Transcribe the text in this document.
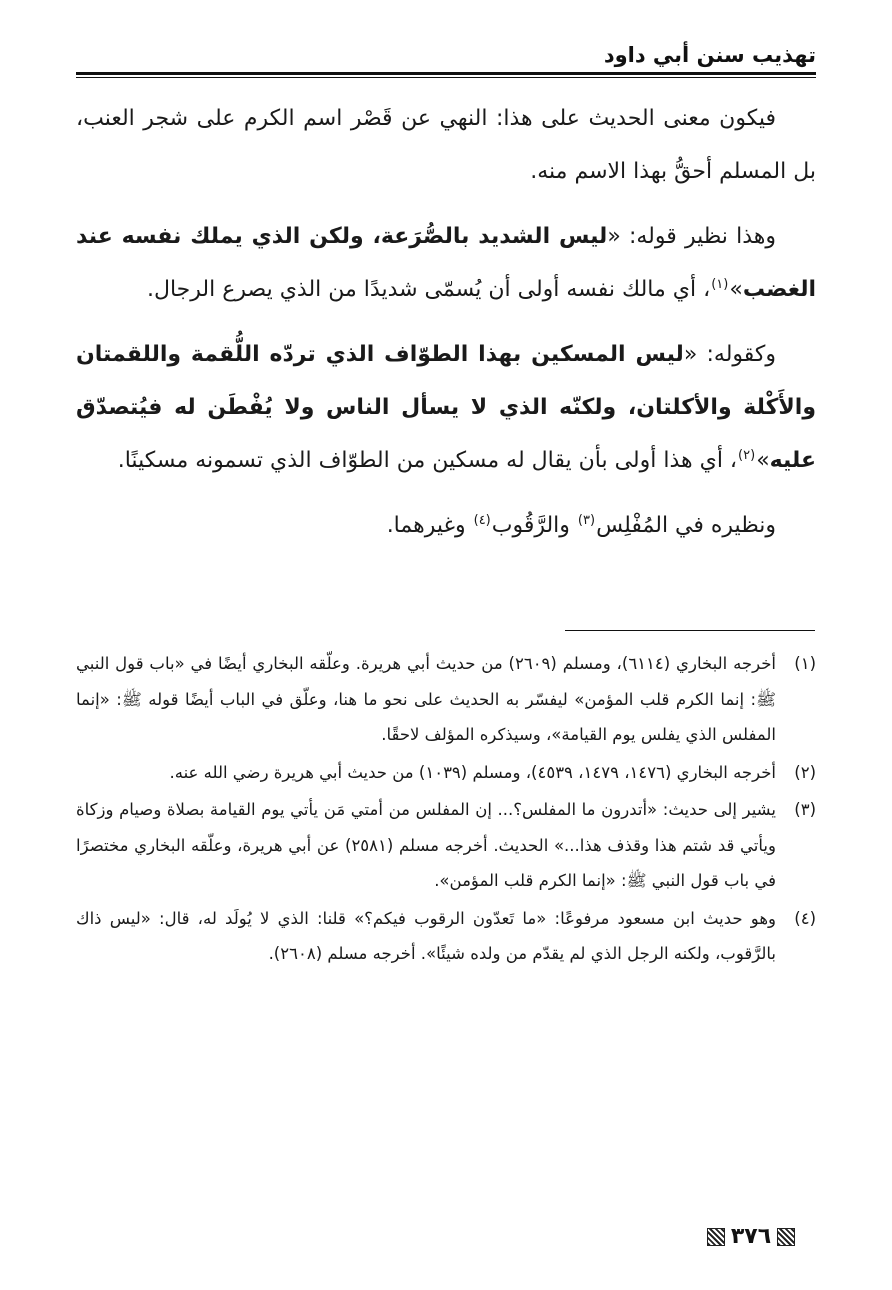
تهذيب سنن أبي داود

فيكون معنى الحديث على هذا: النهي عن قَصْر اسم الكرم على شجر العنب، بل المسلم أحقُّ بهذا الاسم منه.

وهذا نظير قوله: «ليس الشديد بالصُّرَعة، ولكن الذي يملك نفسه عند الغضب»$^{(١)}$، أي مالك نفسه أولى أن يُسمّى شديدًا من الذي يصرع الرجال.

وكقوله: «ليس المسكين بهذا الطوّاف الذي تردّه اللُّقمة واللقمتان والأَكْلة والأكلتان، ولكنّه الذي لا يسأل الناس ولا يُفْطَن له فيُتصدّق عليه»$^{(٢)}$، أي هذا أولى بأن يقال له مسكين من الطوّاف الذي تسمونه مسكينًا.

ونظيره في المُفْلِس$^{(٣)}$ والرَّقُوب$^{(٤)}$ وغيرهما.

(١)
أخرجه البخاري (٦١١٤)، ومسلم (٢٦٠٩) من حديث أبي هريرة. وعلّقه البخاري أيضًا في «باب قول النبي ﷺ: إنما الكرم قلب المؤمن» ليفسّر به الحديث على نحو ما هنا، وعلّق في الباب أيضًا قوله ﷺ: «إنما المفلس الذي يفلس يوم القيامة»، وسيذكره المؤلف لاحقًا.
(٢)
أخرجه البخاري (١٤٧٦، ١٤٧٩، ٤٥٣٩)، ومسلم (١٠٣٩) من حديث أبي هريرة رضي الله عنه.
(٣)
يشير إلى حديث: «أتدرون ما المفلس؟... إن المفلس من أمتي مَن يأتي يوم القيامة بصلاة وصيام وزكاة ويأتي قد شتم هذا وقذف هذا...» الحديث. أخرجه مسلم (٢٥٨١) عن أبي هريرة، وعلّقه البخاري مختصرًا في باب قول النبي ﷺ: «إنما الكرم قلب المؤمن».
(٤)
وهو حديث ابن مسعود مرفوعًا: «ما تَعدّون الرقوب فيكم؟» قلنا: الذي لا يُولَد له، قال: «ليس ذاك بالرَّقوب، ولكنه الرجل الذي لم يقدّم من ولده شيئًا». أخرجه مسلم (٢٦٠٨).
٣٧٦
